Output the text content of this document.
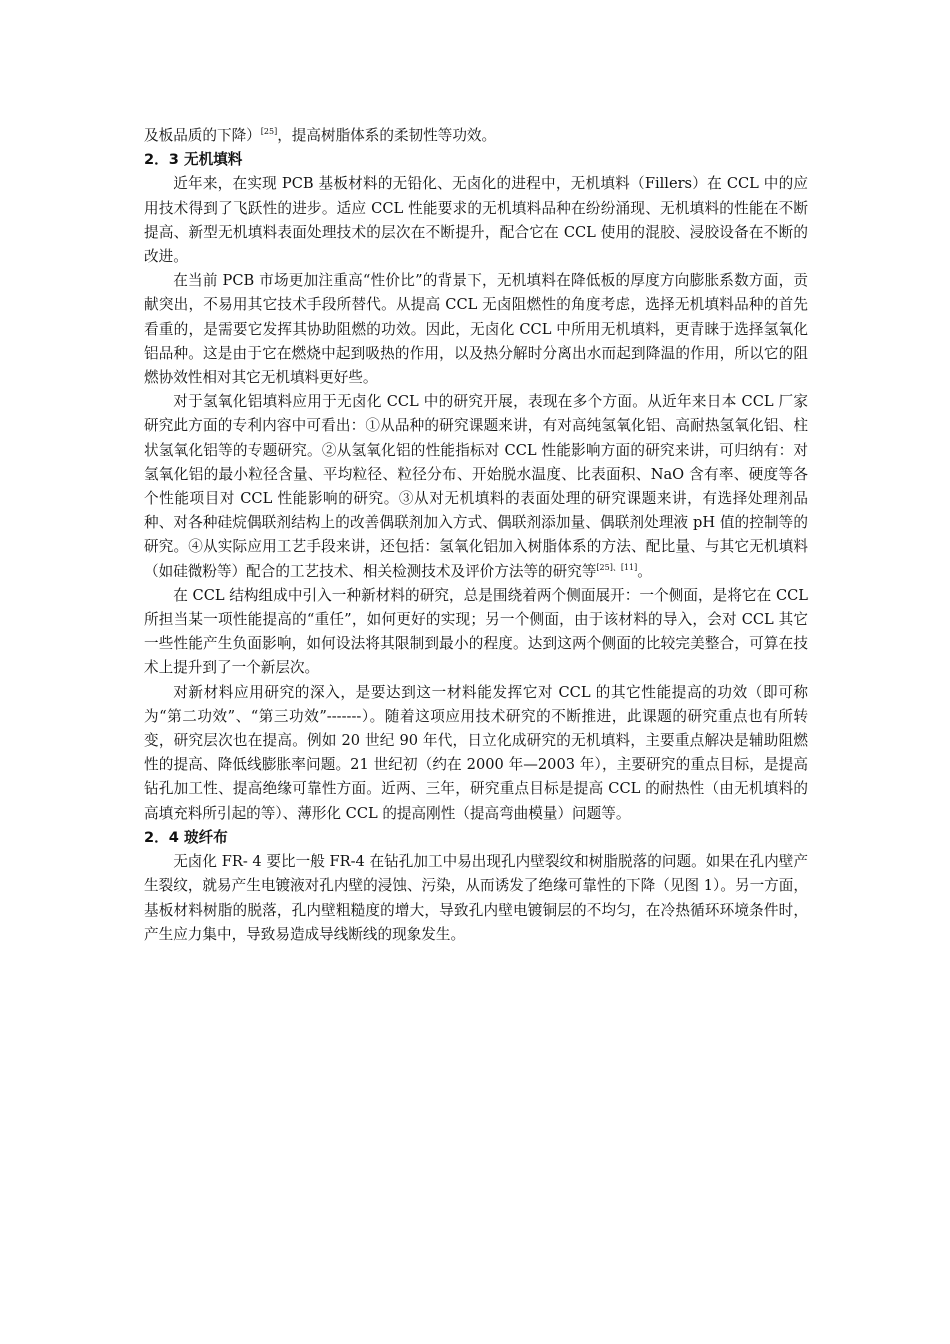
及板品质的下降）[25]，提高树脂体系的柔韧性等功效。

2．3 无机填料

近年来，在实现 PCB 基板材料的无铅化、无卤化的进程中，无机填料（Fillers）在 CCL 中的应用技术得到了飞跃性的进步。适应 CCL 性能要求的无机填料品种在纷纷涌现、无机填料的性能在不断提高、新型无机填料表面处理技术的层次在不断提升，配合它在 CCL 使用的混胶、浸胶设备在不断的改进。

在当前 PCB 市场更加注重高“性价比”的背景下，无机填料在降低板的厚度方向膨胀系数方面，贡献突出，不易用其它技术手段所替代。从提高 CCL 无卤阻燃性的角度考虑，选择无机填料品种的首先看重的，是需要它发挥其协助阻燃的功效。因此，无卤化 CCL 中所用无机填料，更青睐于选择氢氧化铝品种。这是由于它在燃烧中起到吸热的作用，以及热分解时分离出水而起到降温的作用，所以它的阻燃协效性相对其它无机填料更好些。

对于氢氧化铝填料应用于无卤化 CCL 中的研究开展，表现在多个方面。从近年来日本 CCL 厂家研究此方面的专利内容中可看出：①从品种的研究课题来讲，有对高纯氢氧化铝、高耐热氢氧化铝、柱状氢氧化铝等的专题研究。②从氢氧化铝的性能指标对 CCL 性能影响方面的研究来讲，可归纳有：对氢氧化铝的最小粒径含量、平均粒径、粒径分布、开始脱水温度、比表面积、NaO 含有率、硬度等各个性能项目对 CCL 性能影响的研究。③从对无机填料的表面处理的研究课题来讲，有选择处理剂品种、对各种硅烷偶联剂结构上的改善偶联剂加入方式、偶联剂添加量、偶联剂处理液 pH 值的控制等的研究。④从实际应用工艺手段来讲，还包括：氢氧化铝加入树脂体系的方法、配比量、与其它无机填料（如硅微粉等）配合的工艺技术、相关检测技术及评价方法等的研究等[25]、[11]。

在 CCL 结构组成中引入一种新材料的研究，总是围绕着两个侧面展开：一个侧面，是将它在 CCL 所担当某一项性能提高的“重任”，如何更好的实现；另一个侧面，由于该材料的导入，会对 CCL 其它一些性能产生负面影响，如何设法将其限制到最小的程度。达到这两个侧面的比较完美整合，可算在技术上提升到了一个新层次。

对新材料应用研究的深入，是要达到这一材料能发挥它对 CCL 的其它性能提高的功效（即可称为“第二功效”、“第三功效”-------）。随着这项应用技术研究的不断推进，此课题的研究重点也有所转变，研究层次也在提高。例如 20 世纪 90 年代，日立化成研究的无机填料，主要重点解决是辅助阻燃性的提高、降低线膨胀率问题。21 世纪初（约在 2000 年—2003 年），主要研究的重点目标，是提高钻孔加工性、提高绝缘可靠性方面。近两、三年，研究重点目标是提高 CCL 的耐热性（由无机填料的高填充料所引起的等）、薄形化 CCL 的提高刚性（提高弯曲模量）问题等。

2．4 玻纤布

无卤化 FR- 4 要比一般 FR-4 在钻孔加工中易出现孔内壁裂纹和树脂脱落的问题。如果在孔内壁产生裂纹，就易产生电镀液对孔内壁的浸蚀、污染，从而诱发了绝缘可靠性的下降（见图 1）。另一方面，基板材料树脂的脱落，孔内壁粗糙度的增大，导致孔内壁电镀铜层的不均匀，在冷热循环环境条件时，产生应力集中，导致易造成导线断线的现象发生。
